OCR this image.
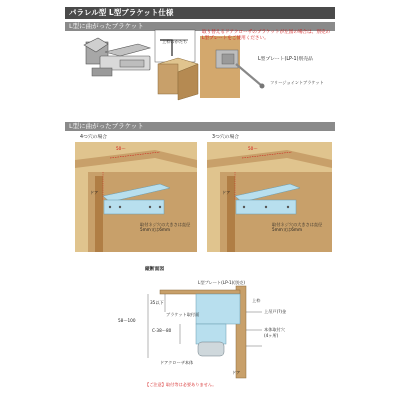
パラレル型 L型ブラケット仕様
L型に曲がったブラケット
上枠のかたち
取り替えるドアクローザのブラケットが左図の場合は、別売のL型プレートをご使用ください。
L型プレート(LP-1)別売品
フリージョイントブラケット
L型に曲がったブラケット
4つ穴の場合	3つ穴の場合
50〜	50〜
ドア	ドア
取付ネジ穴の大きさは直径5mm又は6mm
取付ネジ穴の大きさは直径5mm又は6mm
縦断面図
L型プレート(LP-1)(別売)
上枠
35以下
58〜100
C-38〜80
ブラケット取付面
上吊戸(?)金
本体取付穴
(4ヶ所)
ドアクローザ本体
ドア
【ご注意】取付等は必要ありません。
